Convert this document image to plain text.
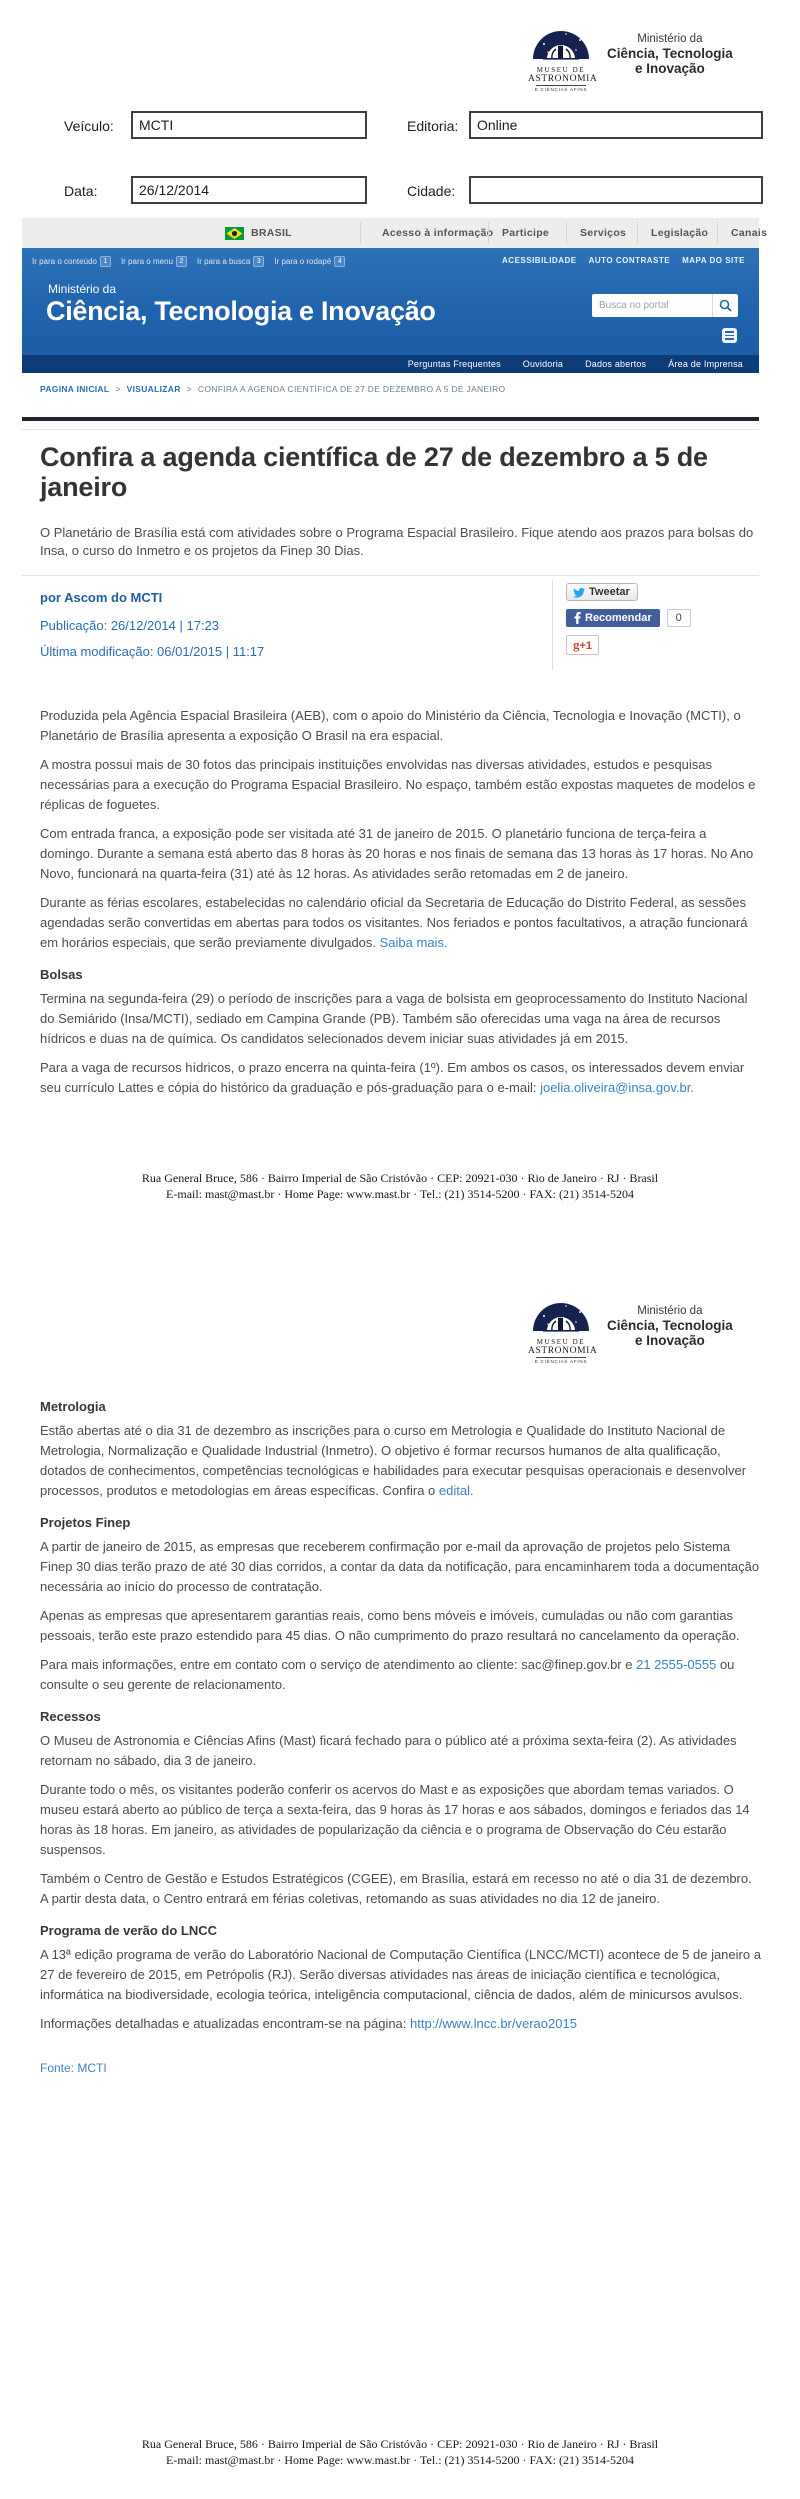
MUSEU DE
ASTRONOMIA
E CIÊNCIAS AFINS
Ministério da
Ciência, Tecnologia
e Inovação
Veículo: MCTI	Editoria: Online
Data:	26/12/2014	Cidade:
BRASIL	Acesso à informação Participe	Serviços Legislação Canais
Ir para o conteúdo 1	Ir para o menu 2	Ir para a busca 3	Ir para o rodapé 4	ACESSIBILIDADE AUTO CONTRASTE MAPA DO SITE
Ministério da
Ciência, Tecnologia e Inovação	Busca no portal
Perguntas Frequentes Ouvidoria Dados abertos Área de Imprensa
PAGINA INICIAL > VISUALIZAR > CONFIRA A AGENDA CIENTÍFICA DE 27 DE DEZEMBRO A 5 DE JANEIRO
Confira a agenda científica de 27 de dezembro a 5 de janeiro
O Planetário de Brasília está com atividades sobre o Programa Espacial Brasileiro. Fique atendo aos prazos para bolsas do Insa, o curso do Inmetro e os projetos da Finep 30 Dias.
por Ascom do MCTI
Publicação: 26/12/2014 | 17:23
Última modificação: 06/01/2015 | 11:17
Tweetar
Recomendar	0
g+1

Produzida pela Agência Espacial Brasileira (AEB), com o apoio do Ministério da Ciência, Tecnologia e Inovação (MCTI), o Planetário de Brasília apresenta a exposição O Brasil na era espacial.

A mostra possui mais de 30 fotos das principais instituições envolvidas nas diversas atividades, estudos e pesquisas necessárias para a execução do Programa Espacial Brasileiro. No espaço, também estão expostas maquetes de modelos e réplicas de foguetes.

Com entrada franca, a exposição pode ser visitada até 31 de janeiro de 2015. O planetário funciona de terça-feira a domingo. Durante a semana está aberto das 8 horas às 20 horas e nos finais de semana das 13 horas às 17 horas. No Ano Novo, funcionará na quarta-feira (31) até às 12 horas. As atividades serão retomadas em 2 de janeiro.

Durante as férias escolares, estabelecidas no calendário oficial da Secretaria de Educação do Distrito Federal, as sessões agendadas serão convertidas em abertas para todos os visitantes. Nos feriados e pontos facultativos, a atração funcionará em horários especiais, que serão previamente divulgados. Saiba mais.

Bolsas

Termina na segunda-feira (29) o período de inscrições para a vaga de bolsista em geoprocessamento do Instituto Nacional do Semiárido (Insa/MCTI), sediado em Campina Grande (PB). Também são oferecidas uma vaga na área de recursos hídricos e duas na de química. Os candidatos selecionados devem iniciar suas atividades já em 2015.

Para a vaga de recursos hídricos, o prazo encerra na quinta-feira (1º). Em ambos os casos, os interessados devem enviar seu currículo Lattes e cópia do histórico da graduação e pós-graduação para o e-mail: joelia.oliveira@insa.gov.br.

Rua General Bruce, 586 · Bairro Imperial de São Cristóvão · CEP: 20921-030 · Rio de Janeiro · RJ · Brasil
E-mail: mast@mast.br · Home Page: www.mast.br · Tel.: (21) 3514-5200 · FAX: (21) 3514-5204
MUSEU DE
ASTRONOMIA
E CIÊNCIAS AFINS
Ministério da
Ciência, Tecnologia
e Inovação
Metrologia

Estão abertas até o dia 31 de dezembro as inscrições para o curso em Metrologia e Qualidade do Instituto Nacional de Metrologia, Normalização e Qualidade Industrial (Inmetro). O objetivo é formar recursos humanos de alta qualificação, dotados de conhecimentos, competências tecnológicas e habilidades para executar pesquisas operacionais e desenvolver processos, produtos e metodologias em áreas específicas. Confira o edital.

Projetos Finep

A partir de janeiro de 2015, as empresas que receberem confirmação por e-mail da aprovação de projetos pelo Sistema Finep 30 dias terão prazo de até 30 dias corridos, a contar da data da notificação, para encaminharem toda a documentação necessária ao início do processo de contratação.

Apenas as empresas que apresentarem garantias reais, como bens móveis e imóveis, cumuladas ou não com garantias pessoais, terão este prazo estendido para 45 dias. O não cumprimento do prazo resultará no cancelamento da operação.

Para mais informações, entre em contato com o serviço de atendimento ao cliente: sac@finep.gov.br e 21 2555-0555 ou consulte o seu gerente de relacionamento.

Recessos

O Museu de Astronomia e Ciências Afins (Mast) ficará fechado para o público até a próxima sexta-feira (2). As atividades retornam no sábado, dia 3 de janeiro.

Durante todo o mês, os visitantes poderão conferir os acervos do Mast e as exposições que abordam temas variados. O museu estará aberto ao público de terça a sexta-feira, das 9 horas às 17 horas e aos sábados, domingos e feriados das 14 horas às 18 horas. Em janeiro, as atividades de popularização da ciência e o programa de Observação do Céu estarão suspensos.

Também o Centro de Gestão e Estudos Estratégicos (CGEE), em Brasília, estará em recesso no até o dia 31 de dezembro. A partir desta data, o Centro entrará em férias coletivas, retomando as suas atividades no dia 12 de janeiro.

Programa de verão do LNCC

A 13ª edição programa de verão do Laboratório Nacional de Computação Científica (LNCC/MCTI) acontece de 5 de janeiro a 27 de fevereiro de 2015, em Petrópolis (RJ). Serão diversas atividades nas áreas de iniciação científica e tecnológica, informática na biodiversidade, ecologia teórica, inteligência computacional, ciência de dados, além de minicursos avulsos.

Informações detalhadas e atualizadas encontram-se na página: http://www.lncc.br/verao2015

Fonte: MCTI

Rua General Bruce, 586 · Bairro Imperial de São Cristóvão · CEP: 20921-030 · Rio de Janeiro · RJ · Brasil
E-mail: mast@mast.br · Home Page: www.mast.br · Tel.: (21) 3514-5200 · FAX: (21) 3514-5204
